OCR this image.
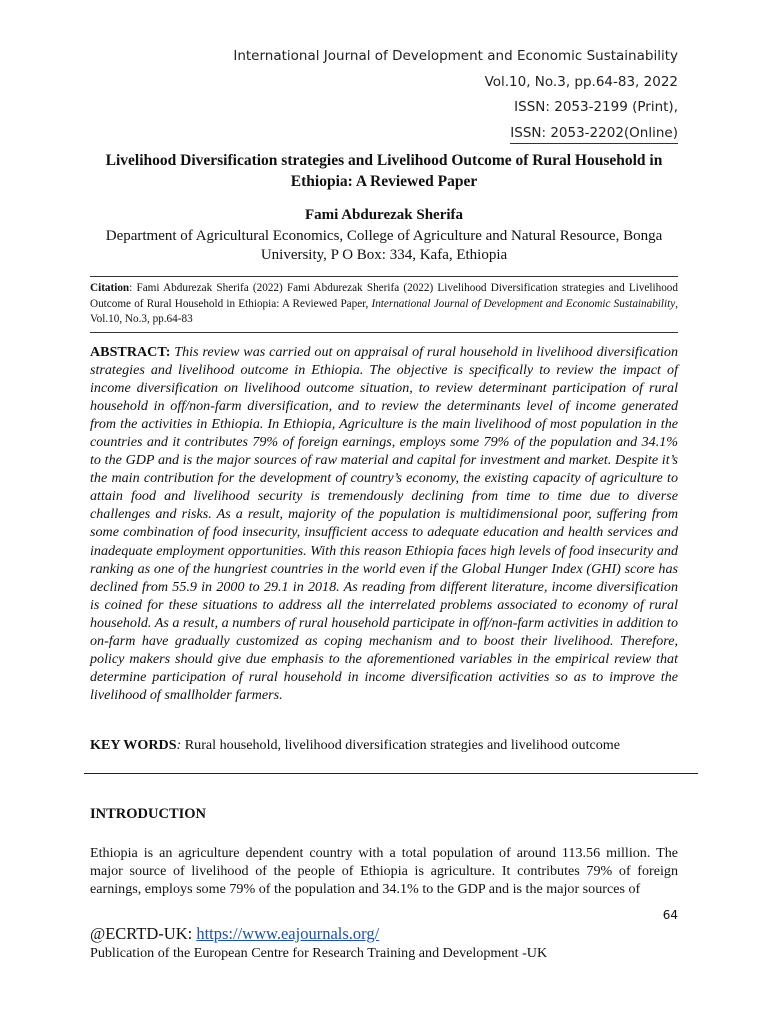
International Journal of Development and Economic Sustainability
Vol.10, No.3, pp.64-83, 2022
ISSN: 2053-2199 (Print),
ISSN: 2053-2202(Online)
Livelihood Diversification strategies and Livelihood Outcome of Rural Household in Ethiopia: A Reviewed Paper
Fami Abdurezak Sherifa
Department of Agricultural Economics, College of Agriculture and Natural Resource, Bonga University, P O Box: 334, Kafa, Ethiopia
Citation: Fami Abdurezak Sherifa (2022) Fami Abdurezak Sherifa (2022) Livelihood Diversification strategies and Livelihood Outcome of Rural Household in Ethiopia: A Reviewed Paper, International Journal of Development and Economic Sustainability, Vol.10, No.3, pp.64-83
ABSTRACT: This review was carried out on appraisal of rural household in livelihood diversification strategies and livelihood outcome in Ethiopia. The objective is specifically to review the impact of income diversification on livelihood outcome situation, to review determinant participation of rural household in off/non-farm diversification, and to review the determinants level of income generated from the activities in Ethiopia. In Ethiopia, Agriculture is the main livelihood of most population in the countries and it contributes 79% of foreign earnings, employs some 79% of the population and 34.1% to the GDP and is the major sources of raw material and capital for investment and market. Despite it’s the main contribution for the development of country’s economy, the existing capacity of agriculture to attain food and livelihood security is tremendously declining from time to time due to diverse challenges and risks. As a result, majority of the population is multidimensional poor, suffering from some combination of food insecurity, insufficient access to adequate education and health services and inadequate employment opportunities. With this reason Ethiopia faces high levels of food insecurity and ranking as one of the hungriest countries in the world even if the Global Hunger Index (GHI) score has declined from 55.9 in 2000 to 29.1 in 2018. As reading from different literature, income diversification is coined for these situations to address all the interrelated problems associated to economy of rural household. As a result, a numbers of rural household participate in off/non-farm activities in addition to on-farm have gradually customized as coping mechanism and to boost their livelihood. Therefore, policy makers should give due emphasis to the aforementioned variables in the empirical review that determine participation of rural household in income diversification activities so as to improve the livelihood of smallholder farmers.
KEY WORDS: Rural household, livelihood diversification strategies and livelihood outcome
INTRODUCTION
Ethiopia is an agriculture dependent country with a total population of around 113.56 million. The major source of livelihood of the people of Ethiopia is agriculture. It contributes 79% of foreign earnings, employs some 79% of the population and 34.1% to the GDP and is the major sources of
64
@ECRTD-UK: https://www.eajournals.org/
Publication of the European Centre for Research Training and Development -UK
